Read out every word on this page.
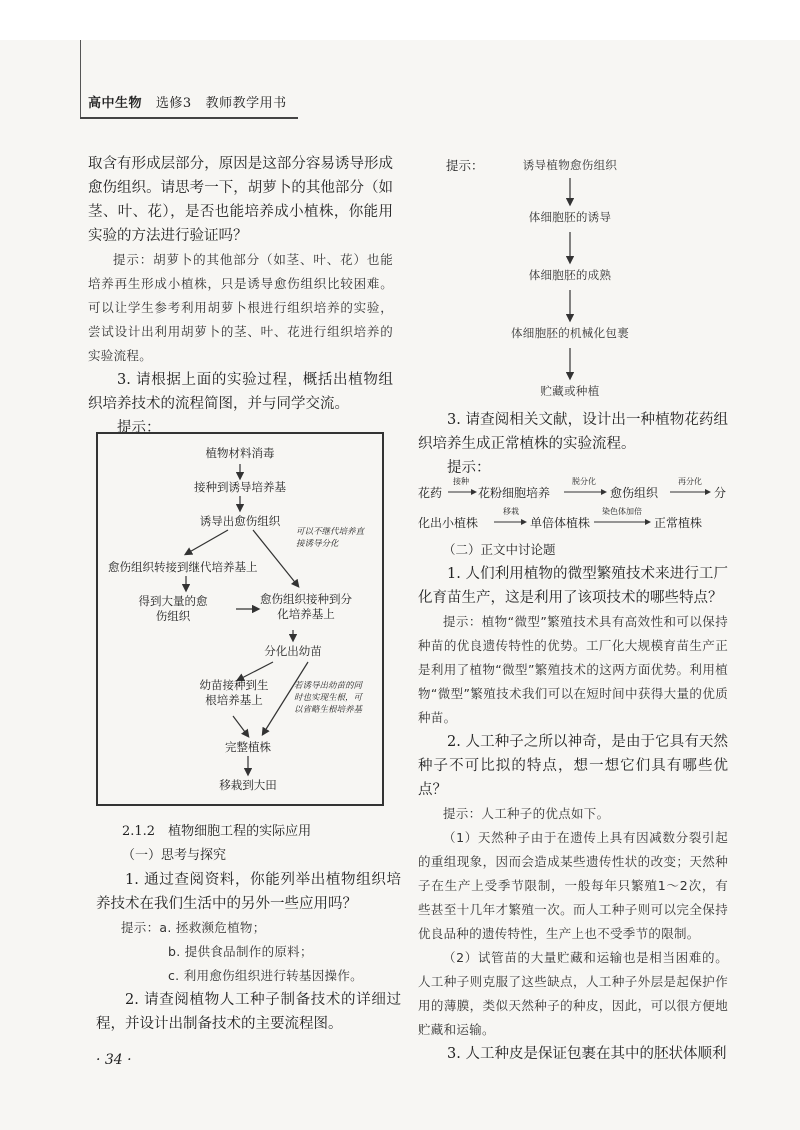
高中生物 选修3 教师教学用书

取含有形成层部分，原因是这部分容易诱导形成愈伤组织。请思考一下，胡萝卜的其他部分（如茎、叶、花），是否也能培养成小植株，你能用实验的方法进行验证吗？

提示：胡萝卜的其他部分（如茎、叶、花）也能培养再生形成小植株，只是诱导愈伤组织比较困难。可以让学生参考利用胡萝卜根进行组织培养的实验，尝试设计出利用胡萝卜的茎、叶、花进行组织培养的实验流程。

3. 请根据上面的实验过程，概括出植物组织培养技术的流程简图，并与同学交流。

提示：

植物材料消毒
接种到诱导培养基
诱导出愈伤组织
可以不继代培养直接诱导分化
愈伤组织转接到继代培养基上
得到大量的愈伤组织
愈伤组织接种到分化培养基上
分化出幼苗
幼苗接种到生根培养基上
若诱导出幼苗的同时也实现生根，可以省略生根培养基
完整植株
移栽到大田

2.1.2　植物细胞工程的实际应用

（一）思考与探究

1. 通过查阅资料，你能列举出植物组织培养技术在我们生活中的另外一些应用吗？

提示：a. 拯救濒危植物；

b. 提供食品制作的原料；

c. 利用愈伤组织进行转基因操作。

2. 请查阅植物人工种子制备技术的详细过程，并设计出制备技术的主要流程图。

提示：	诱导植物愈伤组织
体细胞胚的诱导
体细胞胚的成熟
体细胞胚的机械化包裹
贮藏或种植

3. 请查阅相关文献，设计出一种植物花药组织培养生成正常植株的实验流程。

提示：

花药
接种
花粉细胞培养
脱分化
愈伤组织
再分化
分
化出小植株
移栽
单倍体植株
染色体加倍
正常植株

（二）正文中讨论题

1. 人们利用植物的微型繁殖技术来进行工厂化育苗生产，这是利用了该项技术的哪些特点？

提示：植物“微型”繁殖技术具有高效性和可以保持种苗的优良遗传特性的优势。工厂化大规模育苗生产正是利用了植物“微型”繁殖技术的这两方面优势。利用植物“微型”繁殖技术我们可以在短时间中获得大量的优质种苗。

2. 人工种子之所以神奇，是由于它具有天然种子不可比拟的特点，想一想它们具有哪些优点？

提示：人工种子的优点如下。

（1）天然种子由于在遗传上具有因减数分裂引起的重组现象，因而会造成某些遗传性状的改变；天然种子在生产上受季节限制，一般每年只繁殖1～2次，有些甚至十几年才繁殖一次。而人工种子则可以完全保持优良品种的遗传特性，生产上也不受季节的限制。

（2）试管苗的大量贮藏和运输也是相当困难的。人工种子则克服了这些缺点，人工种子外层是起保护作用的薄膜，类似天然种子的种皮，因此，可以很方便地贮藏和运输。

3. 人工种皮是保证包裹在其中的胚状体顺利

· 34 ·
